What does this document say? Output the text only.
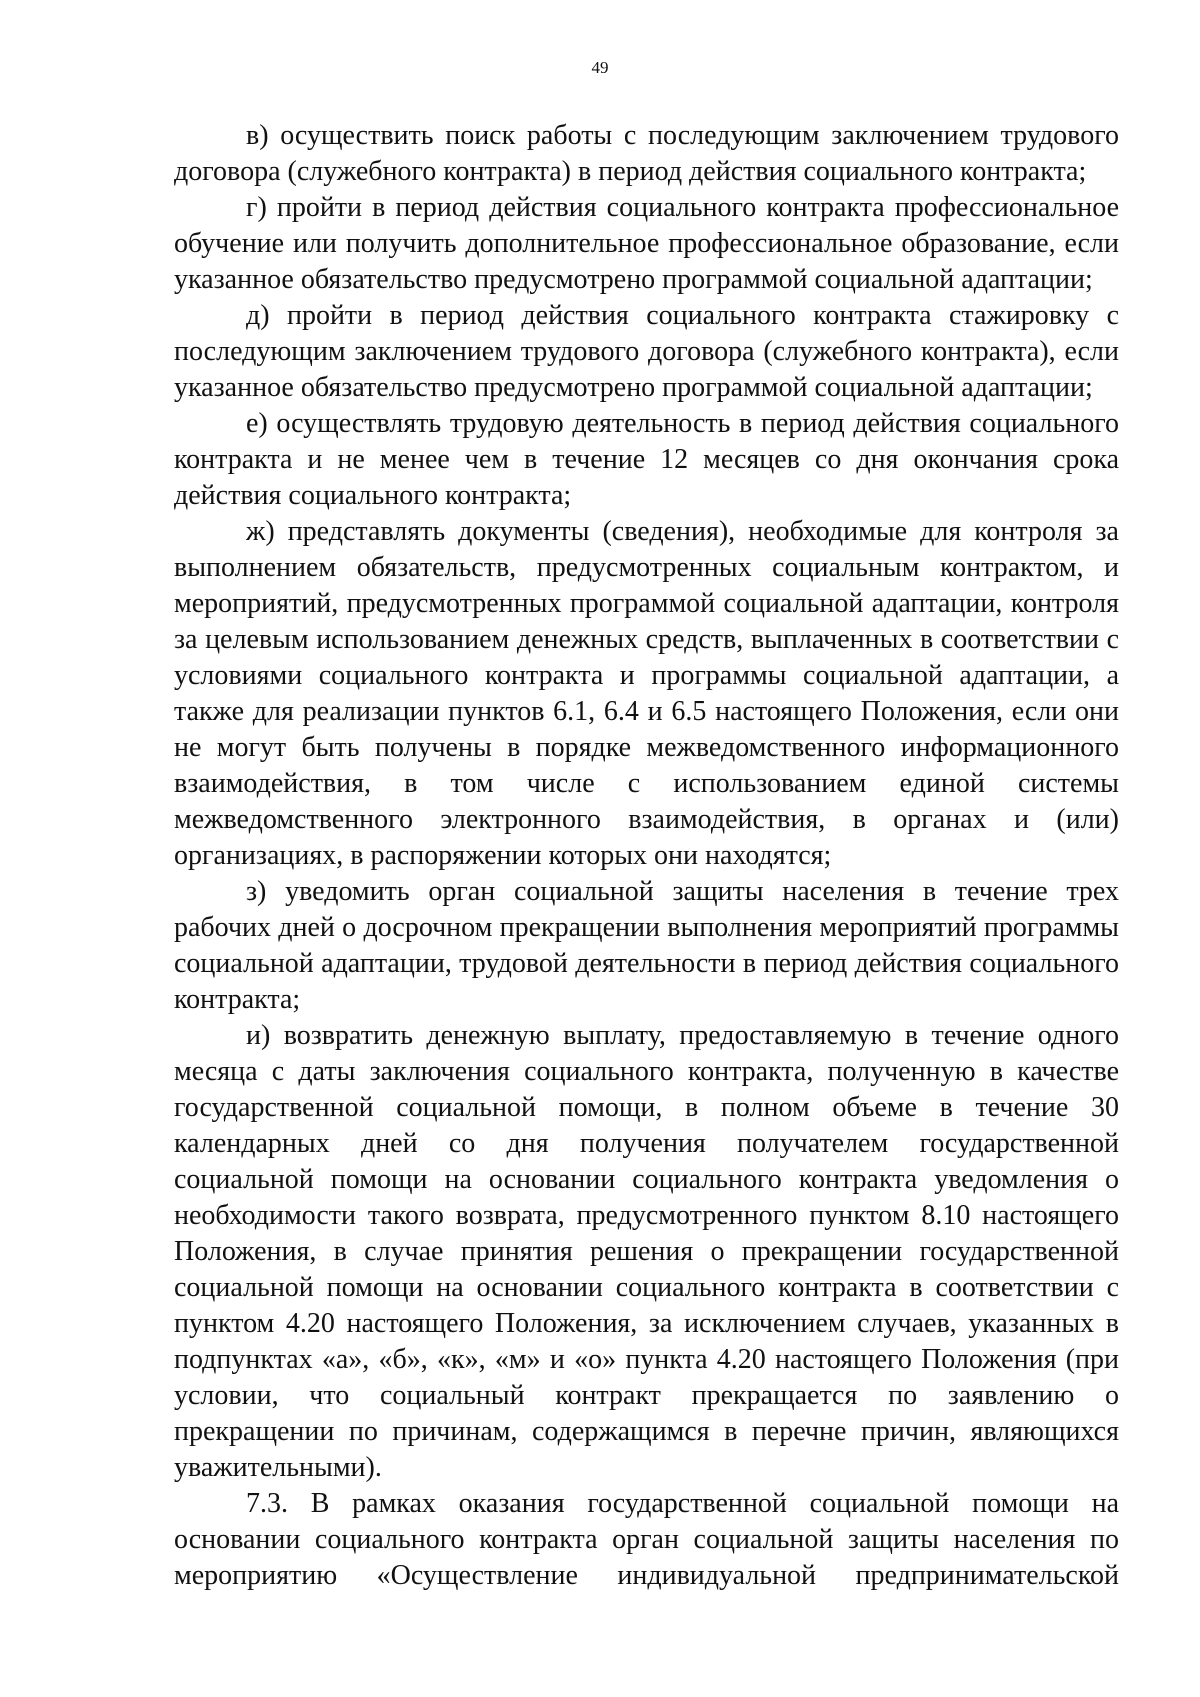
49

в) осуществить поиск работы с последующим заключением трудового договора (служебного контракта) в период действия социального контракта;

г) пройти в период действия социального контракта профессиональное обучение или получить дополнительное профессиональное образование, если указанное обязательство предусмотрено программой социальной адаптации;

д) пройти в период действия социального контракта стажировку с последующим заключением трудового договора (служебного контракта), если указанное обязательство предусмотрено программой социальной адаптации;

е) осуществлять трудовую деятельность в период действия социального контракта и не менее чем в течение 12 месяцев со дня окончания срока действия социального контракта;

ж) представлять документы (сведения), необходимые для контроля за выполнением обязательств, предусмотренных социальным контрактом, и мероприятий, предусмотренных программой социальной адаптации, контроля за целевым использованием денежных средств, выплаченных в соответствии с условиями социального контракта и программы социальной адаптации, а также для реализации пунктов 6.1, 6.4 и 6.5 настоящего Положения, если они не могут быть получены в порядке межведомственного информационного взаимодействия, в том числе с использованием единой системы межведомственного электронного взаимодействия, в органах и (или) организациях, в распоряжении которых они находятся;

з) уведомить орган социальной защиты населения в течение трех рабочих дней о досрочном прекращении выполнения мероприятий программы социальной адаптации, трудовой деятельности в период действия социального контракта;

и) возвратить денежную выплату, предоставляемую в течение одного месяца с даты заключения социального контракта, полученную в качестве государственной социальной помощи, в полном объеме в течение 30 календарных дней со дня получения получателем государственной социальной помощи на основании социального контракта уведомления о необходимости такого возврата, предусмотренного пунктом 8.10 настоящего Положения, в случае принятия решения о прекращении государственной социальной помощи на основании социального контракта в соответствии с пунктом 4.20 настоящего Положения, за исключением случаев, указанных в подпунктах «а», «б», «к», «м» и «о» пункта 4.20 настоящего Положения (при условии, что социальный контракт прекращается по заявлению о прекращении по причинам, содержащимся в перечне причин, являющихся уважительными).

7.3. В рамках оказания государственной социальной помощи на основании социального контракта орган социальной защиты населения по мероприятию «Осуществление индивидуальной предпринимательской
